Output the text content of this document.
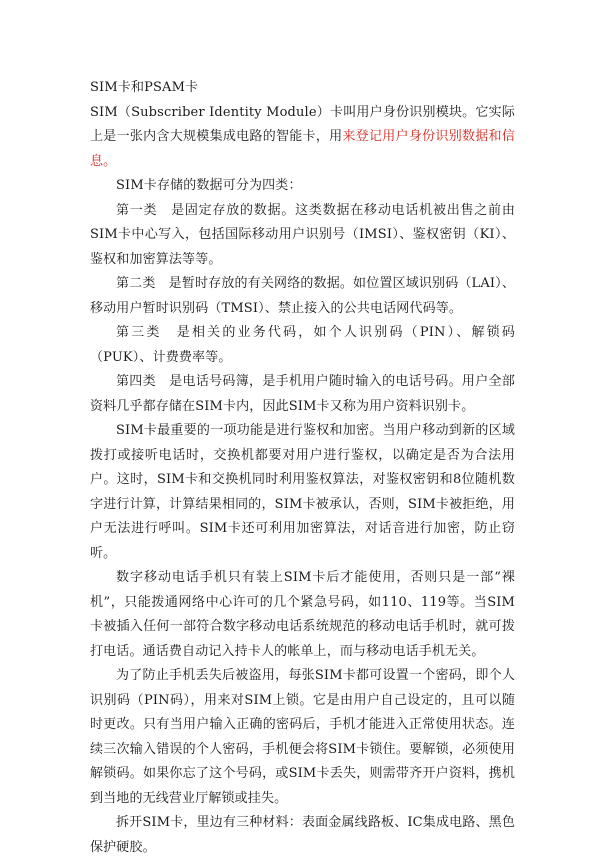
SIM卡和PSAM卡

SIM（Subscriber Identity Module）卡叫用户身份识别模块。它实际上是一张内含大规模集成电路的智能卡，用来登记用户身份识别数据和信息。

SIM卡存储的数据可分为四类：

第一类　是固定存放的数据。这类数据在移动电话机被出售之前由SIM卡中心写入，包括国际移动用户识别号（IMSI）、鉴权密钥（KI）、鉴权和加密算法等等。

第二类　是暂时存放的有关网络的数据。如位置区域识别码（LAI）、移动用户暂时识别码（TMSI）、禁止接入的公共电话网代码等。

第三类　是相关的业务代码，如个人识别码（PIN）、解锁码（PUK）、计费费率等。

第四类　是电话号码簿，是手机用户随时输入的电话号码。用户全部资料几乎都存储在SIM卡内，因此SIM卡又称为用户资料识别卡。

SIM卡最重要的一项功能是进行鉴权和加密。当用户移动到新的区域拨打或接听电话时，交换机都要对用户进行鉴权，以确定是否为合法用户。这时，SIM卡和交换机同时利用鉴权算法，对鉴权密钥和8位随机数字进行计算，计算结果相同的，SIM卡被承认，否则，SIM卡被拒绝，用户无法进行呼叫。SIM卡还可利用加密算法，对话音进行加密，防止窃听。

数字移动电话手机只有装上SIM卡后才能使用，否则只是一部“裸机”，只能拨通网络中心许可的几个紧急号码，如110、119等。当SIM卡被插入任何一部符合数字移动电话系统规范的移动电话手机时，就可拨打电话。通话费自动记入持卡人的帐单上，而与移动电话手机无关。

为了防止手机丢失后被盗用，每张SIM卡都可设置一个密码，即个人识别码（PIN码），用来对SIM上锁。它是由用户自己设定的，且可以随时更改。只有当用户输入正确的密码后，手机才能进入正常使用状态。连续三次输入错误的个人密码，手机便会将SIM卡锁住。要解锁，必须使用解锁码。如果你忘了这个号码，或SIM卡丢失，则需带齐开户资料，携机到当地的无线营业厅解锁或挂失。

拆开SIM卡，里边有三种材料：表面金属线路板、IC集成电路、黑色保护硬胶。
